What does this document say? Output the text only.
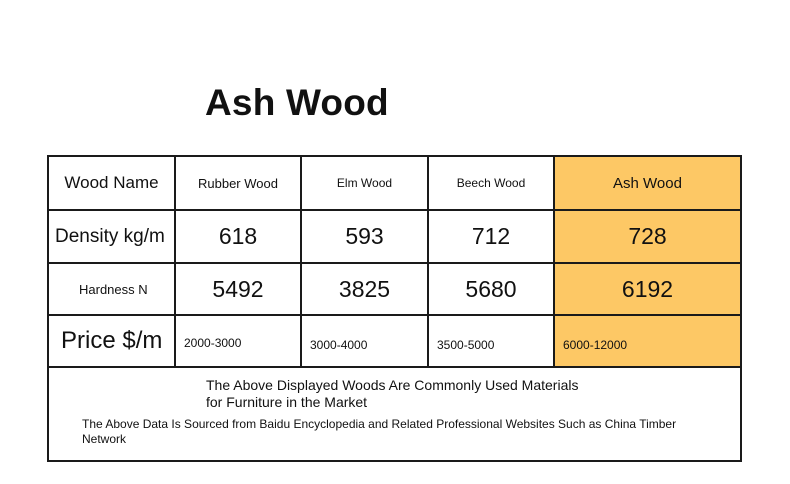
Ash Wood
Wood Name	Rubber Wood	Elm Wood	Beech Wood	Ash Wood
Density kg/m	618	593	712	728
Hardness N	5492	3825	5680	6192
Price $/m	2000-3000	3000-4000	3500-5000	6000-12000
The Above Displayed Woods Are Commonly Used Materials for Furniture in the Market
The Above Data Is Sourced from Baidu Encyclopedia and Related Professional Websites Such as China Timber Network
